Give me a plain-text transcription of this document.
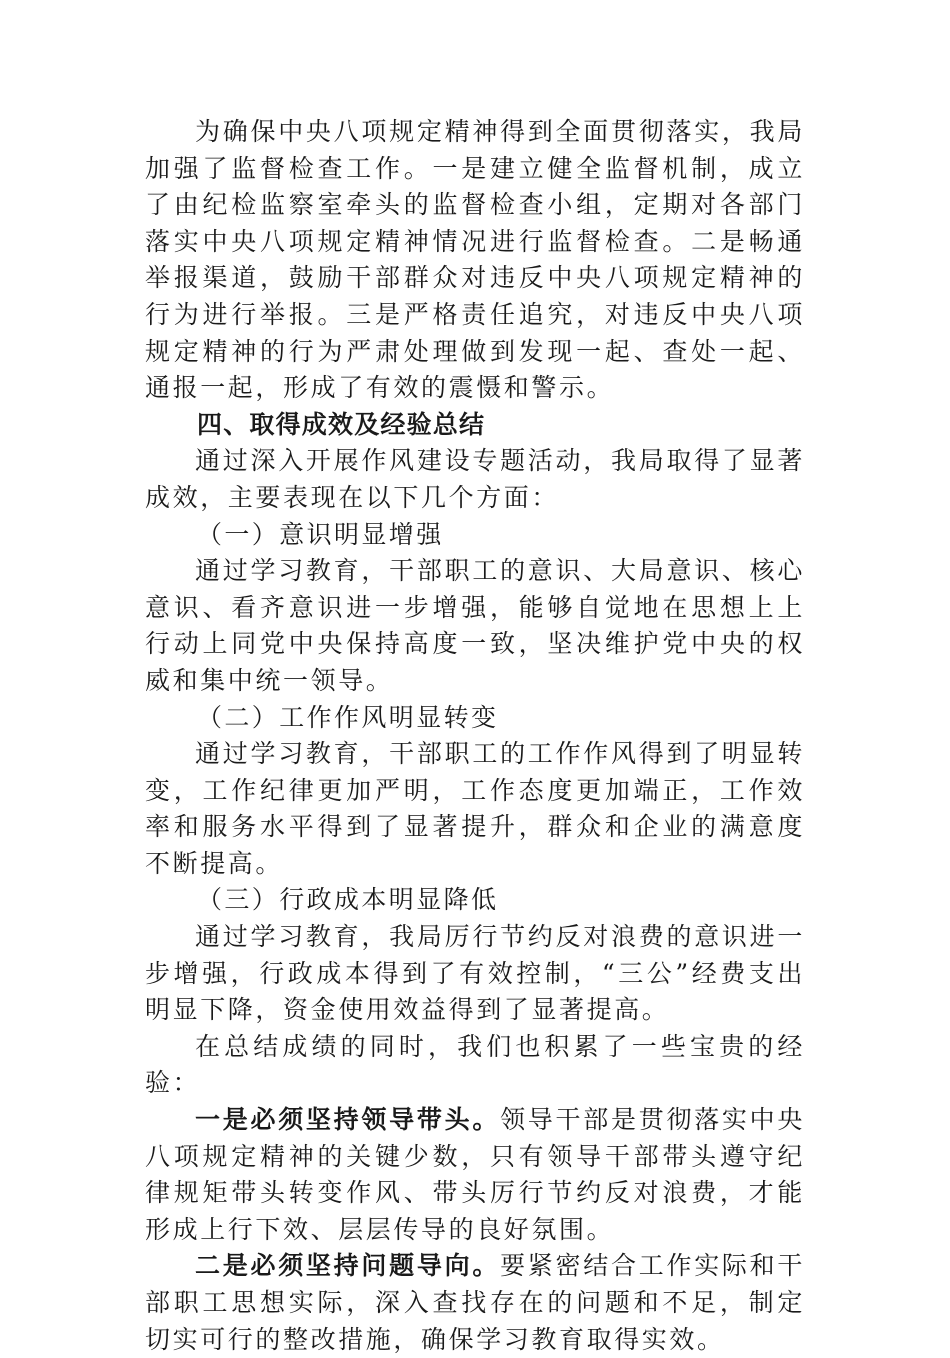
为确保中央八项规定精神得到全面贯彻落实，我局加强了监督检查工作。一是建立健全监督机制，成立了由纪检监察室牵头的监督检查小组，定期对各部门落实中央八项规定精神情况进行监督检查。二是畅通举报渠道，鼓励干部群众对违反中央八项规定精神的行为进行举报。三是严格责任追究，对违反中央八项规定精神的行为严肃处理做到发现一起、查处一起、通报一起，形成了有效的震慑和警示。

四、取得成效及经验总结

通过深入开展作风建设专题活动，我局取得了显著成效，主要表现在以下几个方面：

（一）意识明显增强

通过学习教育，干部职工的意识、大局意识、核心意识、看齐意识进一步增强，能够自觉地在思想上上行动上同党中央保持高度一致，坚决维护党中央的权威和集中统一领导。

（二）工作作风明显转变

通过学习教育，干部职工的工作作风得到了明显转变，工作纪律更加严明，工作态度更加端正，工作效率和服务水平得到了显著提升，群众和企业的满意度不断提高。

（三）行政成本明显降低

通过学习教育，我局厉行节约反对浪费的意识进一步增强，行政成本得到了有效控制，“三公”经费支出明显下降，资金使用效益得到了显著提高。

在总结成绩的同时，我们也积累了一些宝贵的经验：

一是必须坚持领导带头。领导干部是贯彻落实中央八项规定精神的关键少数，只有领导干部带头遵守纪律规矩带头转变作风、带头厉行节约反对浪费，才能形成上行下效、层层传导的良好氛围。

二是必须坚持问题导向。要紧密结合工作实际和干部职工思想实际，深入查找存在的问题和不足，制定切实可行的整改措施，确保学习教育取得实效。
